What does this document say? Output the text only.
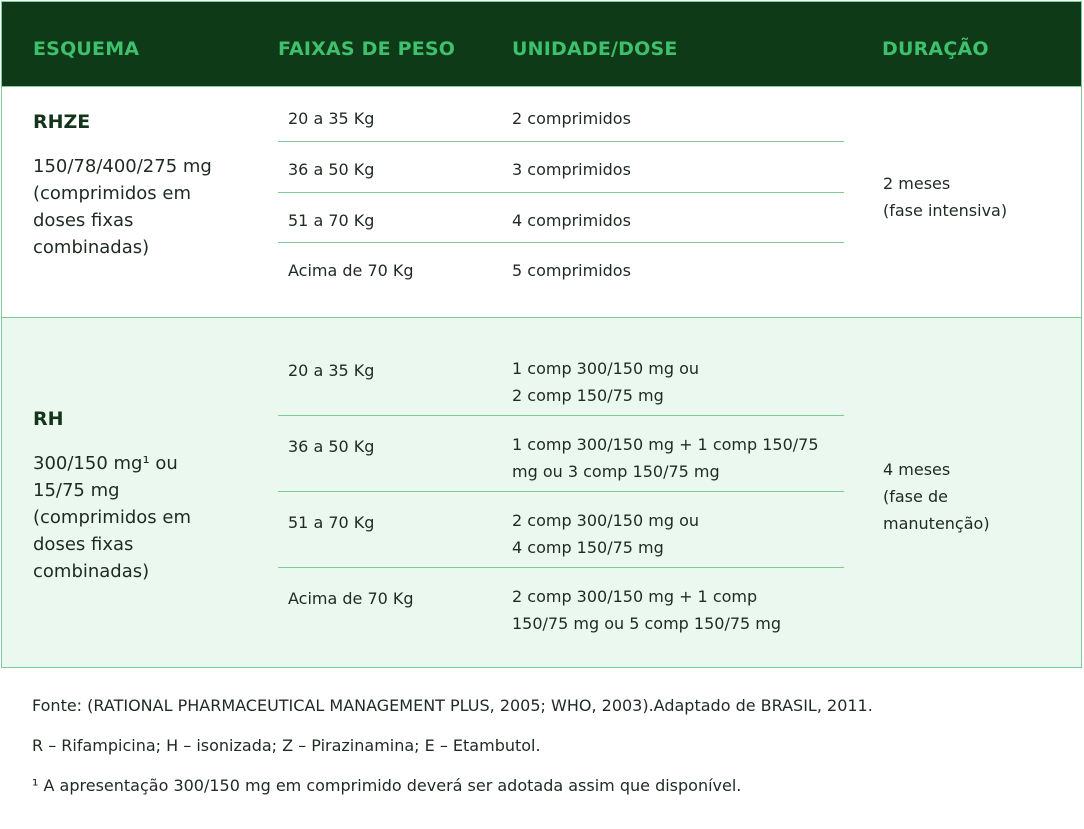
ESQUEMA	FAIXAS DE PESO	UNIDADE/DOSE	DURAÇÃO
RHZE
150/78/400/275 mg
(comprimidos em
doses fixas
combinadas)
20 a 35 Kg	2 comprimidos
36 a 50 Kg	3 comprimidos
51 a 70 Kg	4 comprimidos
Acima de 70 Kg	5 comprimidos
2 meses
(fase intensiva)
RH
300/150 mg¹ ou
15/75 mg
(comprimidos em
doses fixas
combinadas)
20 a 35 Kg	1 comp 300/150 mg ou
2 comp 150/75 mg
36 a 50 Kg	1 comp 300/150 mg + 1 comp 150/75
mg ou 3 comp 150/75 mg
51 a 70 Kg	2 comp 300/150 mg ou
4 comp 150/75 mg
Acima de 70 Kg	2 comp 300/150 mg + 1 comp
150/75 mg ou 5 comp 150/75 mg
4 meses
(fase de
manutenção)
Fonte: (RATIONAL PHARMACEUTICAL MANAGEMENT PLUS, 2005; WHO, 2003).Adaptado de BRASIL, 2011.
R – Rifampicina; H – isonizada; Z – Pirazinamina; E – Etambutol.
¹ A apresentação 300/150 mg em comprimido deverá ser adotada assim que disponível.
